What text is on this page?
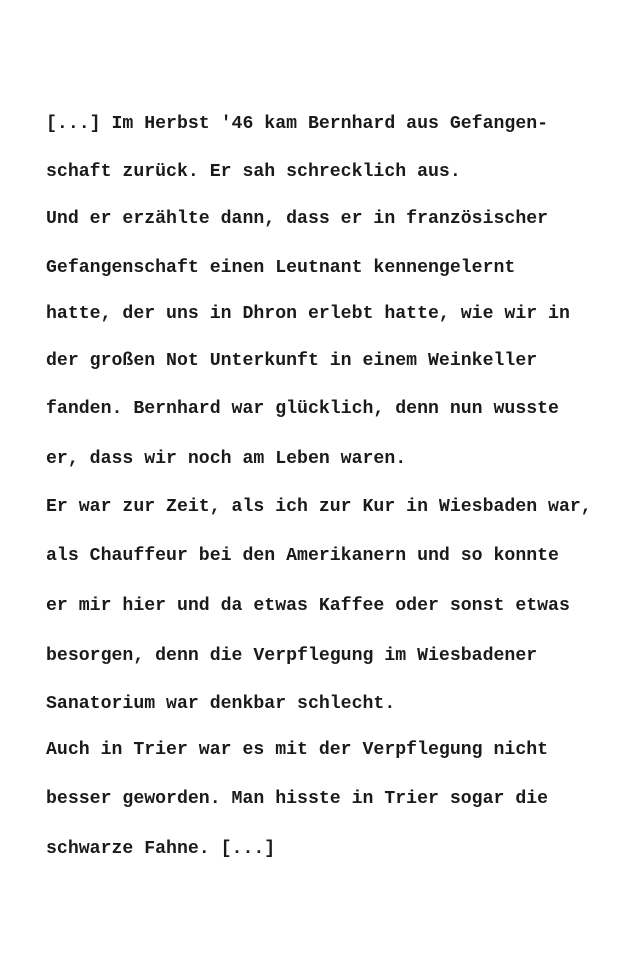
[...] Im Herbst '46 kam Bernhard aus Gefangen-
schaft zurück. Er sah schrecklich aus.
Und er erzählte dann, dass er in französischer
Gefangenschaft einen Leutnant kennengelernt
hatte, der uns in Dhron erlebt hatte, wie wir in
der großen Not Unterkunft in einem Weinkeller
fanden. Bernhard war glücklich, denn nun wusste
er, dass wir noch am Leben waren.
Er war zur Zeit, als ich zur Kur in Wiesbaden war,
als Chauffeur bei den Amerikanern und so konnte
er mir hier und da etwas Kaffee oder sonst etwas
besorgen, denn die Verpflegung im Wiesbadener
Sanatorium war denkbar schlecht.
Auch in Trier war es mit der Verpflegung nicht
besser geworden. Man hisste in Trier sogar die
schwarze Fahne. [...]
